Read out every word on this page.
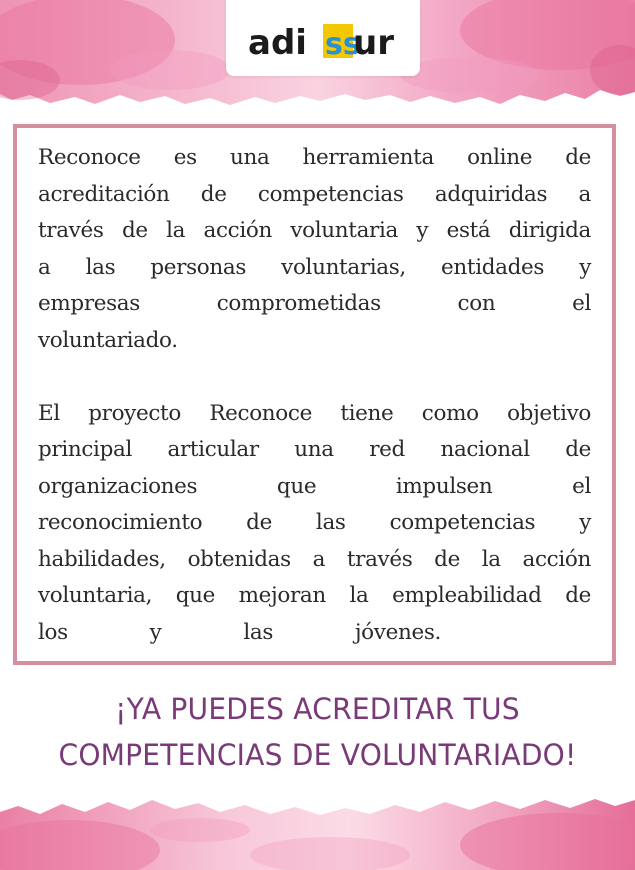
adi ss
ur

Reconoce es una herramienta online de

acreditación de competencias adquiridas a

través de la acción voluntaria y está dirigida

a las personas voluntarias, entidades y

empresas comprometidas con el

voluntariado.

El proyecto Reconoce tiene como objetivo

principal articular una red nacional de

organizaciones que impulsen el

reconocimiento de las competencias y

habilidades, obtenidas a través de la acción

voluntaria, que mejoran la empleabilidad de

los y las jóvenes.

¡YA PUEDES ACREDITAR TUS
COMPETENCIAS DE VOLUNTARIADO!
